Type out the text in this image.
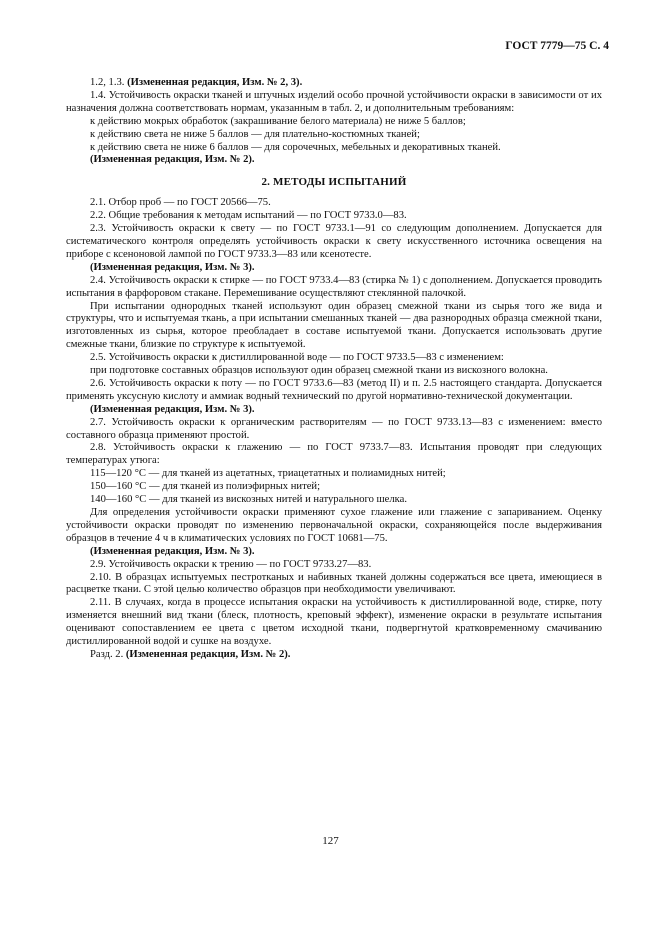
ГОСТ 7779—75 С. 4

1.2, 1.3. (Измененная редакция, Изм. № 2, 3).

1.4. Устойчивость окраски тканей и штучных изделий особо прочной устойчивости окраски в зависимости от их назначения должна соответствовать нормам, указанным в табл. 2, и дополнительным требованиям:

к действию мокрых обработок (закрашивание белого материала) не ниже 5 баллов;

к действию света не ниже 5 баллов — для плательно-костюмных тканей;

к действию света не ниже 6 баллов — для сорочечных, мебельных и декоративных тканей.

(Измененная редакция, Изм. № 2).

2. МЕТОДЫ ИСПЫТАНИЙ

2.1. Отбор проб — по ГОСТ 20566—75.

2.2. Общие требования к методам испытаний — по ГОСТ 9733.0—83.

2.3. Устойчивость окраски к свету — по ГОСТ 9733.1—91 со следующим дополнением. Допускается для систематического контроля определять устойчивость окраски к свету искусственного источника освещения на приборе с ксеноновой лампой по ГОСТ 9733.3—83 или ксенотесте.

(Измененная редакция, Изм. № 3).

2.4. Устойчивость окраски к стирке — по ГОСТ 9733.4—83 (стирка № 1) с дополнением. Допускается проводить испытания в фарфоровом стакане. Перемешивание осуществляют стеклянной палочкой.

При испытании однородных тканей используют один образец смежной ткани из сырья того же вида и структуры, что и испытуемая ткань, а при испытании смешанных тканей — два разнородных образца смежной ткани, изготовленных из сырья, которое преобладает в составе испытуемой ткани. Допускается использовать другие смежные ткани, близкие по структуре к испытуемой.

2.5. Устойчивость окраски к дистиллированной воде — по ГОСТ 9733.5—83 с изменением:

при подготовке составных образцов используют один образец смежной ткани из вискозного волокна.

2.6. Устойчивость окраски к поту — по ГОСТ 9733.6—83 (метод II) и п. 2.5 настоящего стандарта. Допускается применять уксусную кислоту и аммиак водный технический по другой нормативно-технической документации.

(Измененная редакция, Изм. № 3).

2.7. Устойчивость окраски к органическим растворителям — по ГОСТ 9733.13—83 с изменением: вместо составного образца применяют простой.

2.8. Устойчивость окраски к глажению — по ГОСТ 9733.7—83. Испытания проводят при следующих температурах утюга:

115—120 °С — для тканей из ацетатных, триацетатных и полиамидных нитей;

150—160 °С — для тканей из полиэфирных нитей;

140—160 °С — для тканей из вискозных нитей и натурального шелка.

Для определения устойчивости окраски применяют сухое глажение или глажение с запариванием. Оценку устойчивости окраски проводят по изменению первоначальной окраски, сохраняющейся после выдерживания образцов в течение 4 ч в климатических условиях по ГОСТ 10681—75.

(Измененная редакция, Изм. № 3).

2.9. Устойчивость окраски к трению — по ГОСТ 9733.27—83.

2.10. В образцах испытуемых пестротканых и набивных тканей должны содержаться все цвета, имеющиеся в расцветке ткани. С этой целью количество образцов при необходимости увеличивают.

2.11. В случаях, когда в процессе испытания окраски на устойчивость к дистиллированной воде, стирке, поту изменяется внешний вид ткани (блеск, плотность, креповый эффект), изменение окраски в результате испытания оценивают сопоставлением ее цвета с цветом исходной ткани, подвергнутой кратковременному смачиванию дистиллированной водой и сушке на воздухе.

Разд. 2. (Измененная редакция, Изм. № 2).

127
